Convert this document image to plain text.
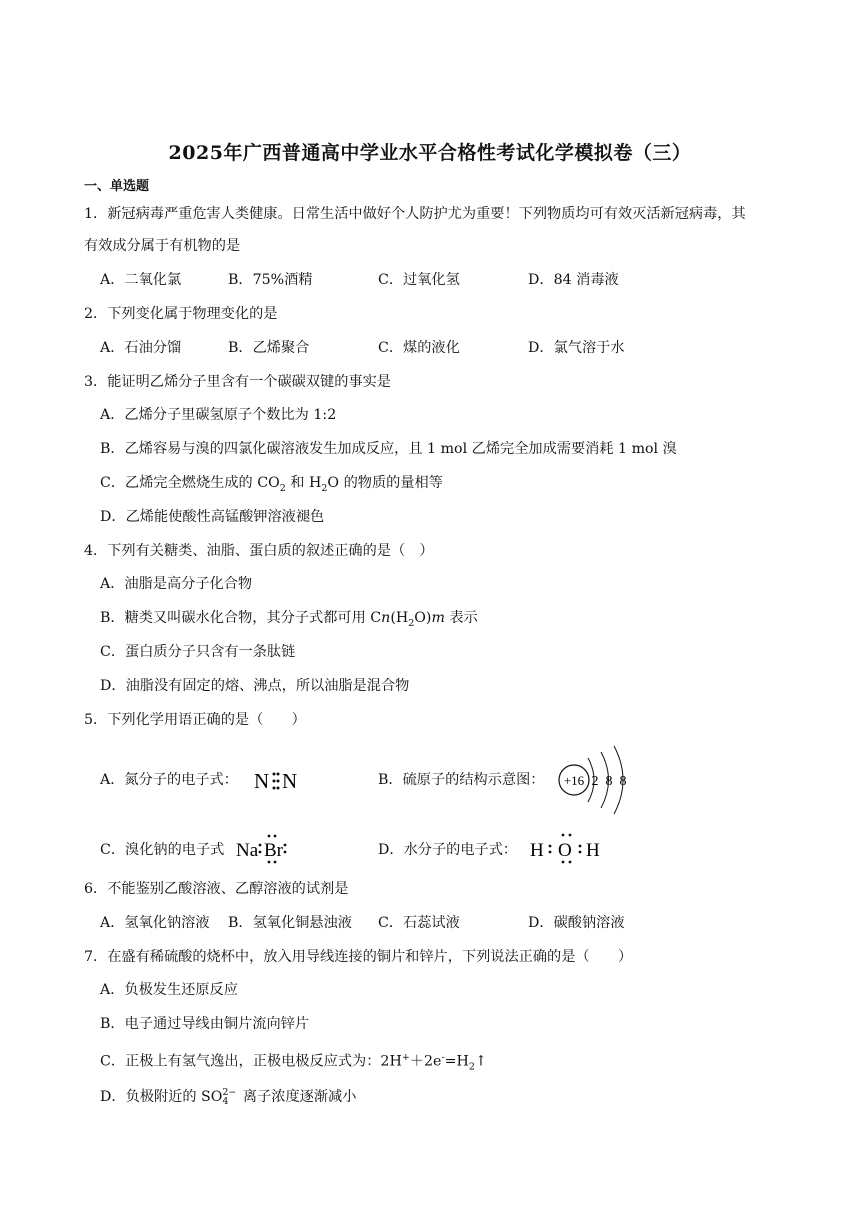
2025年广西普通高中学业水平合格性考试化学模拟卷（三）
一、单选题
1．新冠病毒严重危害人类健康。日常生活中做好个人防护尤为重要！下列物质均可有效灭活新冠病毒，其
有效成分属于有机物的是
A．二氧化氯	B．75%酒精	C．过氧化氢	D．84 消毒液
2．下列变化属于物理变化的是
A．石油分馏	B．乙烯聚合	C．煤的液化	D．氯气溶于水
3．能证明乙烯分子里含有一个碳碳双键的事实是
A．乙烯分子里碳氢原子个数比为 1:2
B．乙烯容易与溴的四氯化碳溶液发生加成反应，且 1 mol 乙烯完全加成需要消耗 1 mol 溴
C．乙烯完全燃烧生成的 $CO_2$ 和 $H_2O$ 的物质的量相等
D．乙烯能使酸性高锰酸钾溶液褪色
4．下列有关糖类、油脂、蛋白质的叙述正确的是（　）
A．油脂是高分子化合物
B．糖类又叫碳水化合物，其分子式都可用 $Cn(H_2O)m$ 表示
C．蛋白质分子只含有一条肽链
D．油脂没有固定的熔、沸点，所以油脂是混合物
5．下列化学用语正确的是（　　）
A．氮分子的电子式： N N	B．硫原子的结构示意图： +16 2 8 8
C．溴化钠的电子式 Na Br	D．水分子的电子式： H O H
6．不能鉴别乙酸溶液、乙醇溶液的试剂是
A．氢氧化钠溶液 B．氢氧化铜悬浊液 C．石蕊试液	D．碳酸钠溶液
7．在盛有稀硫酸的烧杯中，放入用导线连接的铜片和锌片，下列说法正确的是（　　）
A．负极发生还原反应
B．电子通过导线由铜片流向锌片
C．正极上有氢气逸出，正极电极反应式为：$2H^++2e^-=H_2↑$
D．负极附近的 SO 2−
4 离子浓度逐渐减小
